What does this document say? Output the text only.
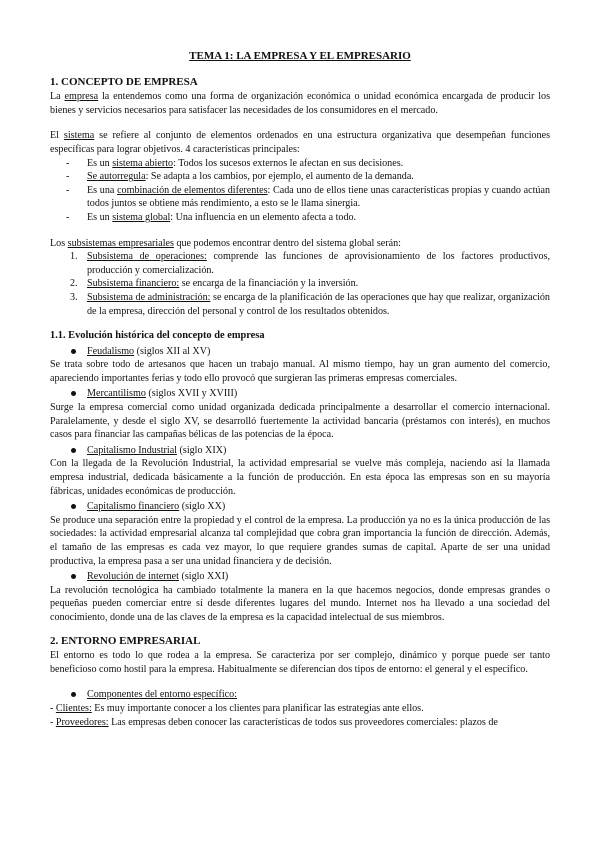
TEMA 1: LA EMPRESA Y EL EMPRESARIO
1. CONCEPTO DE EMPRESA

La empresa la entendemos como una forma de organización económica o unidad económica encargada de producir los bienes y servicios necesarios para satisfacer las necesidades de los consumidores en el mercado.

El sistema se refiere al conjunto de elementos ordenados en una estructura organizativa que desempeñan funciones específicas para lograr objetivos. 4 características principales:

- Es un sistema abierto: Todos los sucesos externos le afectan en sus decisiones.
- Se autorregula: Se adapta a los cambios, por ejemplo, el aumento de la demanda.
- Es una combinación de elementos diferentes: Cada uno de ellos tiene unas características propias y cuando actúan todos juntos se obtiene más rendimiento, a esto se le llama sinergia.
- Es un sistema global: Una influencia en un elemento afecta a todo.

Los subsistemas empresariales que podemos encontrar dentro del sistema global serán:

1. Subsistema de operaciones: comprende las funciones de aprovisionamiento de los factores productivos, producción y comercialización.
2. Subsistema financiero: se encarga de la financiación y la inversión.
3. Subsistema de administración: se encarga de la planificación de las operaciones que hay que realizar, organización de la empresa, dirección del personal y control de los resultados obtenidos.
1.1. Evolución histórica del concepto de empresa
Feudalismo (siglos XII al XV)

Se trata sobre todo de artesanos que hacen un trabajo manual. Al mismo tiempo, hay un gran aumento del comercio, apareciendo importantes ferias y todo ello provocó que surgieran las primeras empresas comerciales.

Mercantilismo (siglos XVII y XVIII)

Surge la empresa comercial como unidad organizada dedicada principalmente a desarrollar el comercio internacional. Paralelamente, y desde el siglo XV, se desarrolló fuertemente la actividad bancaria (préstamos con interés), en muchos casos para financiar las campañas bélicas de las potencias de la época.

Capitalismo Industrial (siglo XIX)

Con la llegada de la Revolución Industrial, la actividad empresarial se vuelve más compleja, naciendo así la llamada empresa industrial, dedicada básicamente a la función de producción. En esta época las empresas son en su mayoría fábricas, unidades económicas de producción.

Capitalismo financiero (siglo XX)

Se produce una separación entre la propiedad y el control de la empresa. La producción ya no es la única producción de las sociedades: la actividad empresarial alcanza tal complejidad que cobra gran importancia la función de dirección. Además, el tamaño de las empresas es cada vez mayor, lo que requiere grandes sumas de capital. Aparte de ser una unidad productiva, la empresa pasa a ser una unidad financiera y de decisión.

Revolución de internet (siglo XXI)

La revolución tecnológica ha cambiado totalmente la manera en la que hacemos negocios, donde empresas grandes o pequeñas pueden comerciar entre sí desde diferentes lugares del mundo. Internet nos ha llevado a una sociedad del conocimiento, donde una de las claves de la empresa es la capacidad intelectual de sus miembros.

2. ENTORNO EMPRESARIAL

El entorno es todo lo que rodea a la empresa. Se caracteriza por ser complejo, dinámico y porque puede ser tanto beneficioso como hostil para la empresa. Habitualmente se diferencian dos tipos de entorno: el general y el específico.

Componentes del entorno específico:
- Clientes: Es muy importante conocer a los clientes para planificar las estrategias ante ellos.
- Proveedores: Las empresas deben conocer las características de todos sus proveedores comerciales: plazos de
